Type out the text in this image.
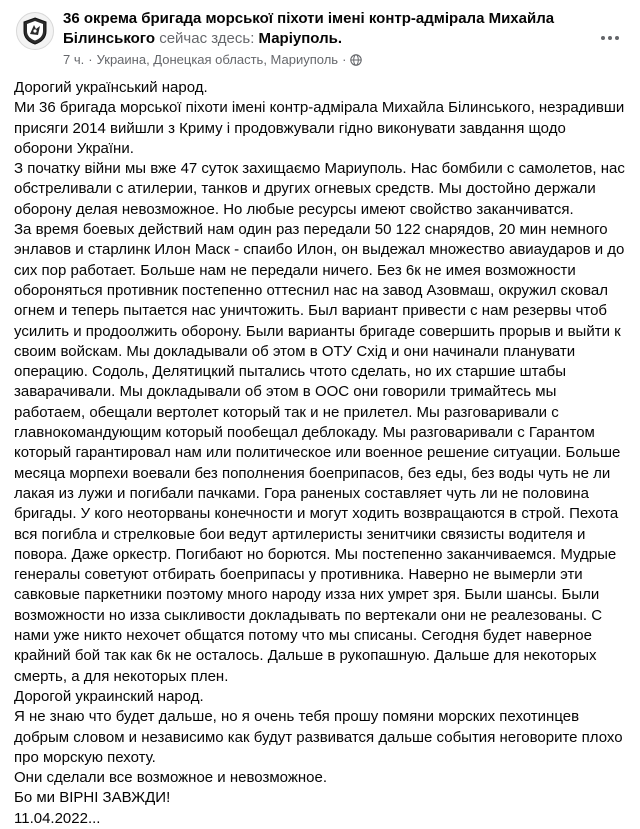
36 окрема бригада морської піхоти імені контр-адмірала Михайла Білинського сейчас здесь: Маріуполь.
7 ч. · Украина, Донецкая область, Мариуполь ·

Дорогий український народ.

Ми 36 бригада морської піхоти імені контр-адмірала Михайла Білинського, незрадивши присяги 2014 вийшли з Криму і продовжували гідно виконувати завдання щодо оборони України.

З початку війни мы вже 47 суток захищаємо Мариуполь. Нас бомбили с самолетов, нас обстреливали с атилерии, танков и других огневых средств. Мы достойно держали оборону делая невозможное. Но любые ресурсы имеют свойство заканчиватся.

За время боевых действий нам один раз передали 50 122 снарядов, 20 мин немного энлавов и старлинк Илон Маск - спаибо Илон, он выдежал множество авиаударов и до сих пор работает. Больше нам не передали ничего. Без 6к не имея возможности обороняться противник постепенно оттеснил нас на завод Азовмаш, окружил сковал огнем и теперь пытается нас уничтожить. Был вариант привести с нам резервы чтоб усилить и продоолжить оборону. Были варианты бригаде совершить прорыв и выйти к своим войскам. Мы докладывали об этом в ОТУ Схід и они начинали планувати операцию. Содоль, Делятицкий пытались чтото сделать, но их старшие штабы заварачивали. Мы докладывали об этом в ООС они говорили тримайтесь мы работаем, обещали вертолет который так и не прилетел. Мы разговаривали с главнокомандующим который пообещал деблокаду. Мы разговаривали с Гарантом который гарантировал нам или политическое или военное решение ситуации. Больше месяца морпехи воевали без пополнения боеприпасов, без еды, без воды чуть не ли лакая из лужи и погибали пачками. Гора раненых составляет чуть ли не половина бригады. У кого неоторваны конечности и могут ходить возвращаются в строй. Пехота вся погибла и стрелковые бои ведут артилеристы зенитчики связисты водителя и повора. Даже оркестр. Погибают но борются. Мы постепенно заканчиваемся. Мудрые генералы советуют отбирать боеприпасы у противника. Наверно не вымерли эти савковые паркетники поэтому много народу изза них умрет зря. Были шансы. Были возможности но изза сыкливости докладывать по вертекали они не реалезованы. С нами уже никто нехочет общатся потому что мы списаны. Сегодня будет наверное крайний бой так как 6к не осталось. Дальше в рукопашную. Дальше для некоторых смерть, а для некоторых плен.

Дорогой украинский народ.

Я не знаю что будет дальше, но я очень тебя прошу помяни морских пехотинцев добрым словом и независимо как будут развиватся дальше события неговорите плохо про морскую пехоту.

Они сделали все возможное и невозможное.

Бо ми ВІРНІ ЗАВЖДИ!

11.04.2022...
